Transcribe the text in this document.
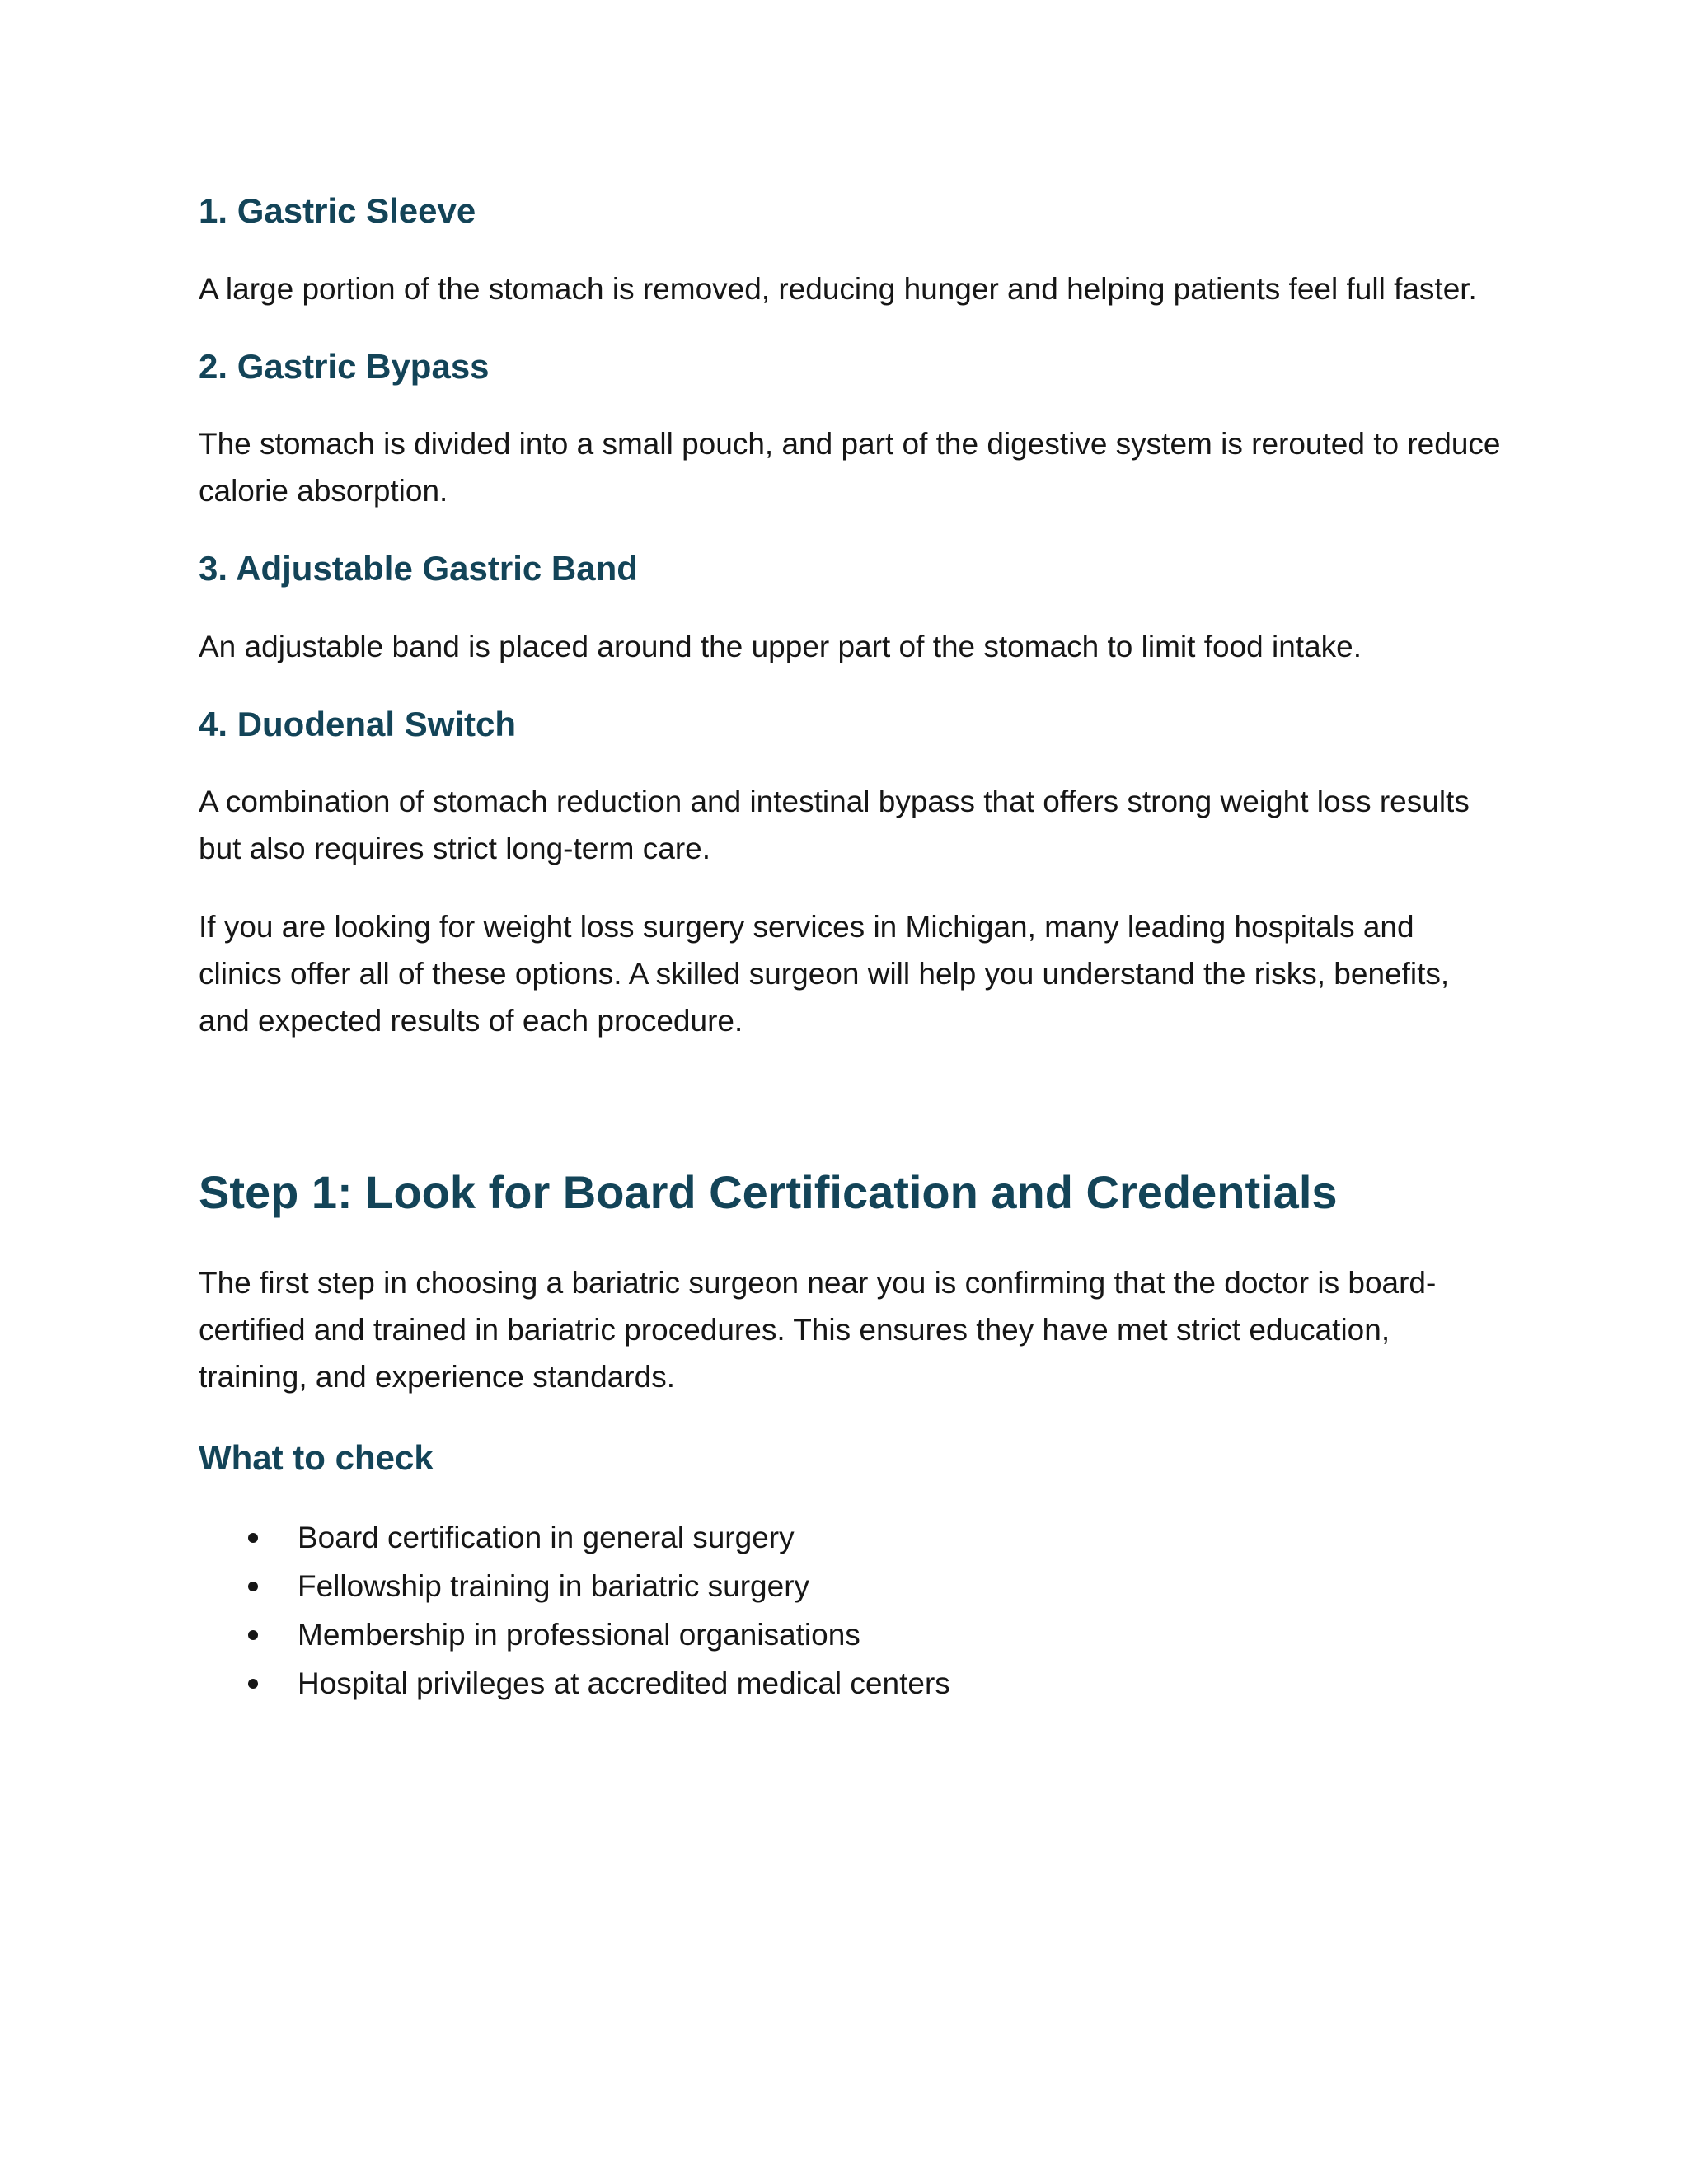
1. Gastric Sleeve

A large portion of the stomach is removed, reducing hunger and helping patients feel full faster.

2. Gastric Bypass

The stomach is divided into a small pouch, and part of the digestive system is rerouted to reduce calorie absorption.

3. Adjustable Gastric Band

An adjustable band is placed around the upper part of the stomach to limit food intake.

4. Duodenal Switch

A combination of stomach reduction and intestinal bypass that offers strong weight loss results but also requires strict long-term care.

If you are looking for weight loss surgery services in Michigan, many leading hospitals and clinics offer all of these options. A skilled surgeon will help you understand the risks, benefits, and expected results of each procedure.

Step 1: Look for Board Certification and Credentials

The first step in choosing a bariatric surgeon near you is confirming that the doctor is board-certified and trained in bariatric procedures. This ensures they have met strict education, training, and experience standards.

What to check
Board certification in general surgery
Fellowship training in bariatric surgery
Membership in professional organisations
Hospital privileges at accredited medical centers
